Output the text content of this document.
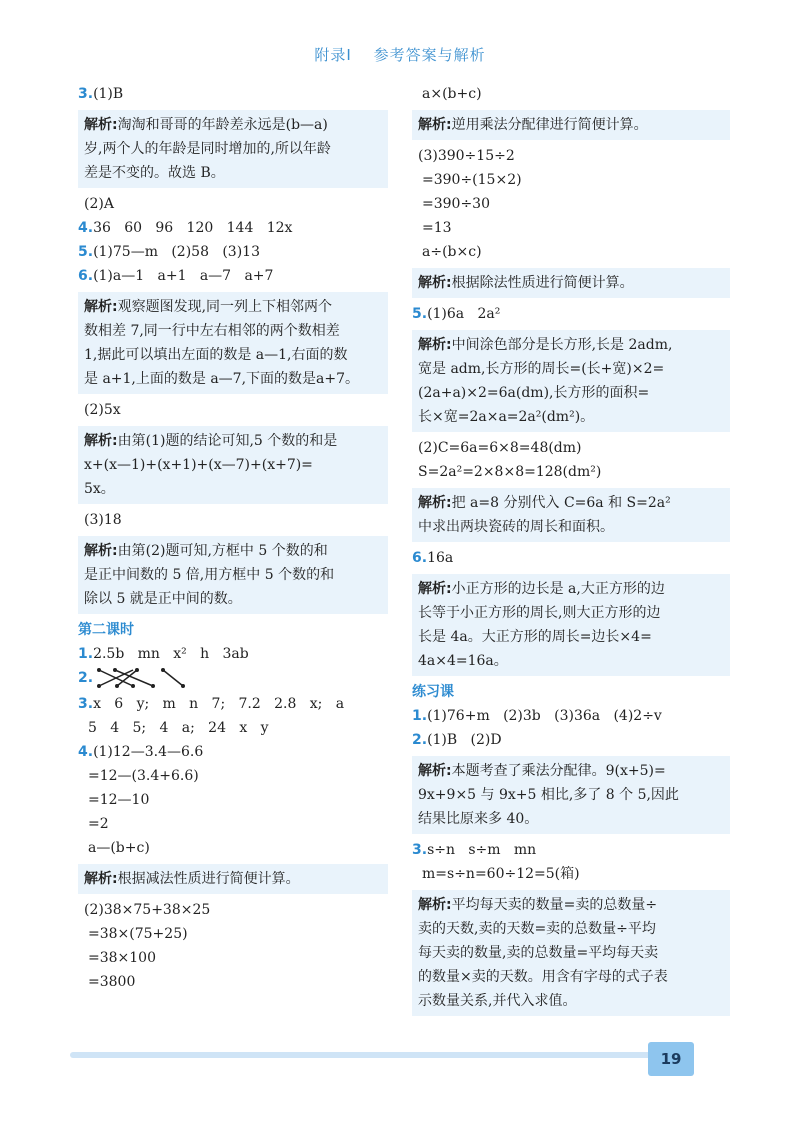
附录Ⅰ 参考答案与解析
3.(1)B
解析:淘淘和哥哥的年龄差永远是(b—a)
岁,两个人的年龄是同时增加的,所以年龄
差是不变的。故选 B。
(2)A
4.36   60   96   120   144   12x
5.(1)75—m   (2)58   (3)13
6.(1)a—1   a+1   a—7   a+7
解析:观察题图发现,同一列上下相邻两个
数相差 7,同一行中左右相邻的两个数相差
1,据此可以填出左面的数是 a—1,右面的数
是 a+1,上面的数是 a—7,下面的数是a+7。
(2)5x
解析:由第(1)题的结论可知,5 个数的和是
x+(x—1)+(x+1)+(x—7)+(x+7)=
5x。
(3)18
解析:由第(2)题可知,方框中 5 个数的和
是正中间数的 5 倍,用方框中 5 个数的和
除以 5 就是正中间的数。
第二课时
1.2.5b   mn   x²   h   3ab
2.
3.x   6   y;   m   n   7;   7.2   2.8   x;   a
5   4   5;   4   a;   24   x   y
4.(1)12—3.4—6.6
=12—(3.4+6.6)
=12—10
=2
a—(b+c)
解析:根据减法性质进行简便计算。
(2)38×75+38×25
=38×(75+25)
=38×100
=3800
a×(b+c)
解析:逆用乘法分配律进行简便计算。
(3)390÷15÷2
=390÷(15×2)
=390÷30
=13
a÷(b×c)
解析:根据除法性质进行简便计算。
5.(1)6a   2a²
解析:中间涂色部分是长方形,长是 2adm,
宽是 adm,长方形的周长=(长+宽)×2=
(2a+a)×2=6a(dm),长方形的面积=
长×宽=2a×a=2a²(dm²)。
(2)C=6a=6×8=48(dm)
S=2a²=2×8×8=128(dm²)
解析:把 a=8 分别代入 C=6a 和 S=2a²
中求出两块瓷砖的周长和面积。
6.16a
解析:小正方形的边长是 a,大正方形的边
长等于小正方形的周长,则大正方形的边
长是 4a。大正方形的周长=边长×4=
4a×4=16a。
练习课
1.(1)76+m   (2)3b   (3)36a   (4)2÷v
2.(1)B   (2)D
解析:本题考查了乘法分配律。9(x+5)=
9x+9×5 与 9x+5 相比,多了 8 个 5,因此
结果比原来多 40。
3.s÷n   s÷m   mn
m=s÷n=60÷12=5(箱)
解析:平均每天卖的数量=卖的总数量÷
卖的天数,卖的天数=卖的总数量÷平均
每天卖的数量,卖的总数量=平均每天卖
的数量×卖的天数。用含有字母的式子表
示数量关系,并代入求值。
19
